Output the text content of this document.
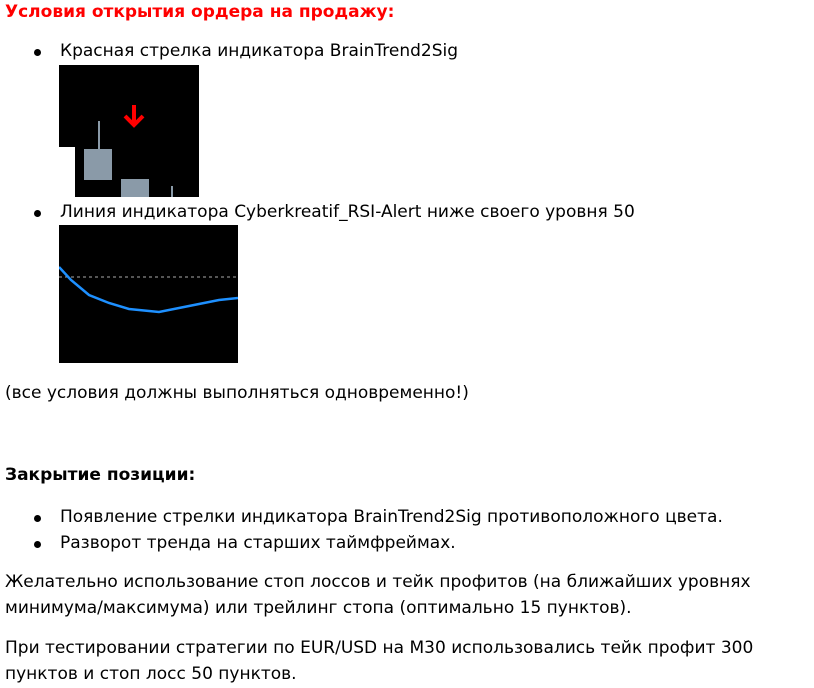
Условия открытия ордера на продажу:
Красная стрелка индикатора BrainTrend2Sig
Линия индикатора Cyberkreatif_RSI-Alert ниже своего уровня 50
(все условия должны выполняться одновременно!)
Закрытие позиции:
Появление стрелки индикатора BrainTrend2Sig противоположного цвета.
Разворот тренда на старших таймфреймах.
Желательно использование стоп лоссов и тейк профитов (на ближайших уровнях
минимума/максимума) или трейлинг стопа (оптимально 15 пунктов).
При тестировании стратегии по EUR/USD на M30 использовались тейк профит 300
пунктов и стоп лосс 50 пунктов.
